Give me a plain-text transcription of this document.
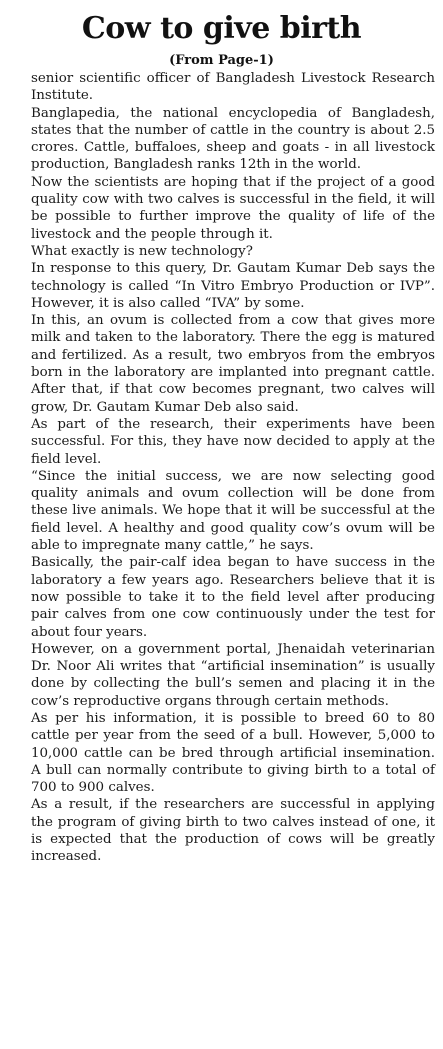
Cow to give birth
(From Page-1)

senior scientific officer of Bangladesh Livestock Research Institute.

Banglapedia, the national encyclopedia of Bangladesh, states that the number of cattle in the country is about 2.5 crores. Cattle, buffaloes, sheep and goats - in all livestock production, Bangladesh ranks 12th in the world.

Now the scientists are hoping that if the project of a good quality cow with two calves is successful in the field, it will be possible to further improve the quality of life of the livestock and the people through it.

What exactly is new technology?

In response to this query, Dr. Gautam Kumar Deb says the technology is called “In Vitro Embryo Production or IVP”. However, it is also called “IVA” by some.

In this, an ovum is collected from a cow that gives more milk and taken to the laboratory. There the egg is matured and fertilized. As a result, two embryos from the embryos born in the laboratory are implanted into pregnant cattle. After that, if that cow becomes pregnant, two calves will grow, Dr. Gautam Kumar Deb also said.

As part of the research, their experiments have been successful. For this, they have now decided to apply at the field level.

“Since the initial success, we are now selecting good quality animals and ovum collection will be done from these live animals. We hope that it will be successful at the field level. A healthy and good quality cow’s ovum will be able to impregnate many cattle,” he says.

Basically, the pair-calf idea began to have success in the laboratory a few years ago. Researchers believe that it is now possible to take it to the field level after producing pair calves from one cow continuously under the test for about four years.

However, on a government portal, Jhenaidah veterinarian Dr. Noor Ali writes that “artificial insemination” is usually done by collecting the bull’s semen and placing it in the cow’s reproductive organs through certain methods.

As per his information, it is possible to breed 60 to 80 cattle per year from the seed of a bull. However, 5,000 to 10,000 cattle can be bred through artificial insemination. A bull can normally contribute to giving birth to a total of 700 to 900 calves.

As a result, if the researchers are successful in applying the program of giving birth to two calves instead of one, it is expected that the production of cows will be greatly increased.
